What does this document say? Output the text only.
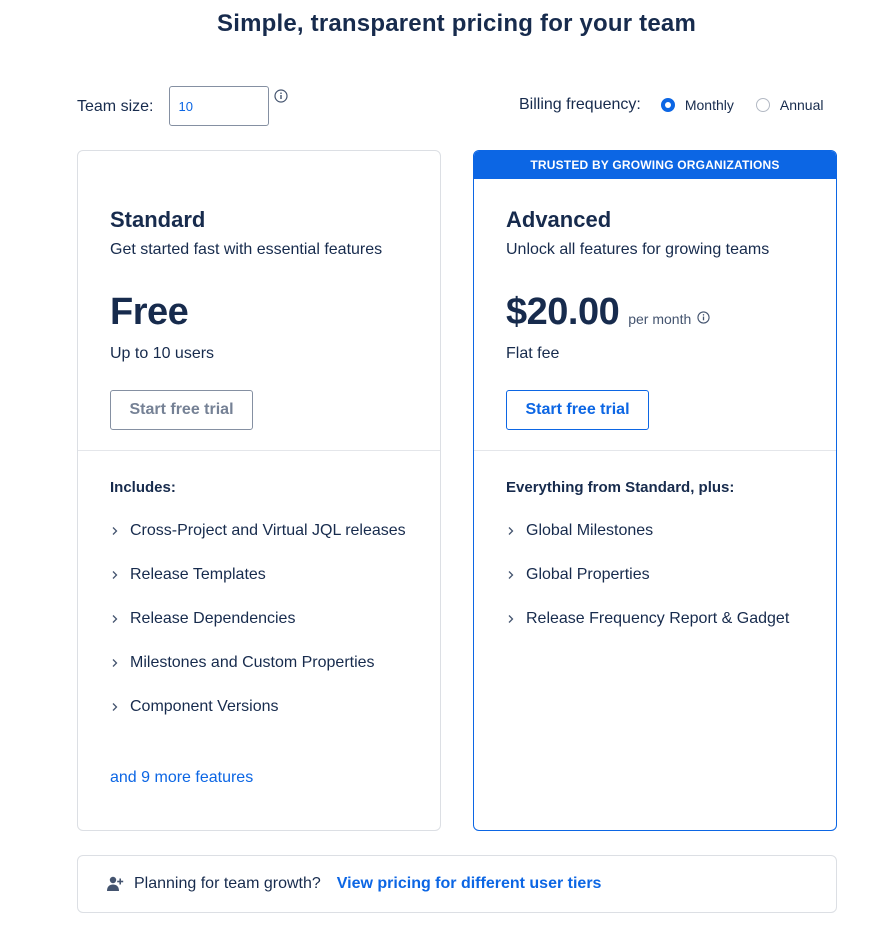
Simple, transparent pricing for your team
Team size:
10	Billing frequency:	Monthly	Annual
Standard
Get started fast with essential features
Free
Up to 10 users
Start free trial
Includes:
Cross-Project and Virtual JQL releases
Release Templates
Release Dependencies
Milestones and Custom Properties
Component Versions
and 9 more features
TRUSTED BY GROWING ORGANIZATIONS
Advanced
Unlock all features for growing teams
$20.00 per month
Flat fee
Start free trial
Everything from Standard, plus:
Global Milestones
Global Properties
Release Frequency Report & Gadget
Planning for team growth? View pricing for different user tiers
